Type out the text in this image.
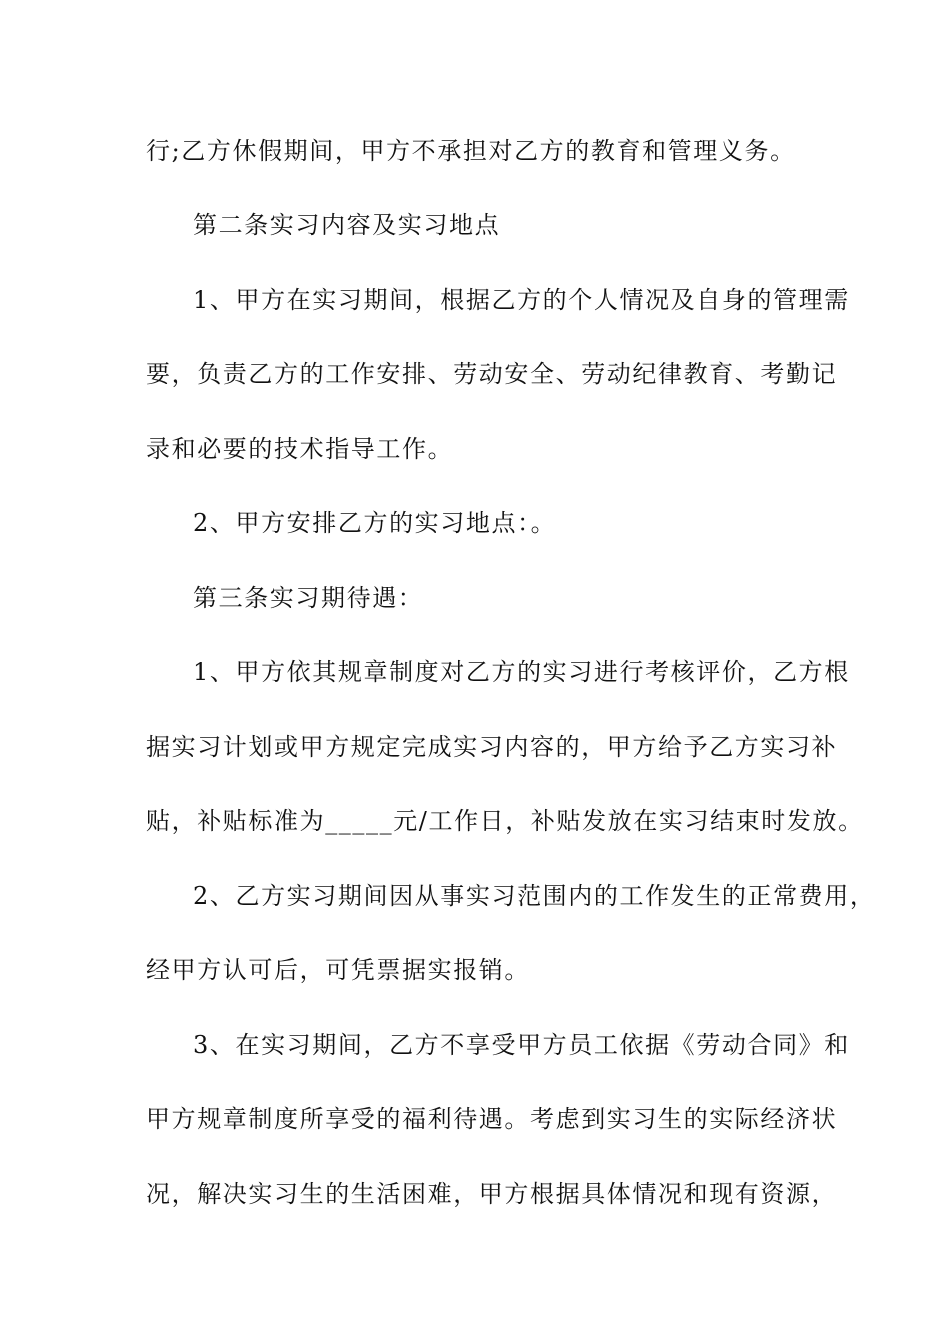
行;乙方休假期间，甲方不承担对乙方的教育和管理义务。
第二条实习内容及实习地点
1、甲方在实习期间，根据乙方的个人情况及自身的管理需
要，负责乙方的工作安排、劳动安全、劳动纪律教育、考勤记
录和必要的技术指导工作。
2、甲方安排乙方的实习地点：。
第三条实习期待遇：
1、甲方依其规章制度对乙方的实习进行考核评价，乙方根
据实习计划或甲方规定完成实习内容的，甲方给予乙方实习补
贴，补贴标准为_____元/工作日，补贴发放在实习结束时发放。
2、乙方实习期间因从事实习范围内的工作发生的正常费用，
经甲方认可后，可凭票据实报销。
3、在实习期间，乙方不享受甲方员工依据《劳动合同》和
甲方规章制度所享受的福利待遇。考虑到实习生的实际经济状
况，解决实习生的生活困难，甲方根据具体情况和现有资源，
